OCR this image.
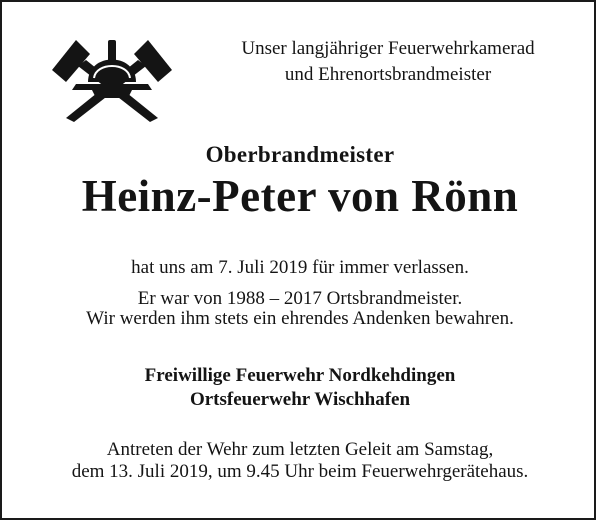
Unser langjähriger Feuerwehrkamerad
und Ehrenortsbrandmeister
Oberbrandmeister
Heinz-Peter von Rönn
hat uns am 7. Juli 2019 für immer verlassen.
Er war von 1988 – 2017 Ortsbrandmeister.
Wir werden ihm stets ein ehrendes Andenken bewahren.
Freiwillige Feuerwehr Nordkehdingen
Ortsfeuerwehr Wischhafen
Antreten der Wehr zum letzten Geleit am Samstag,
dem 13. Juli 2019, um 9.45 Uhr beim Feuerwehrgerätehaus.
